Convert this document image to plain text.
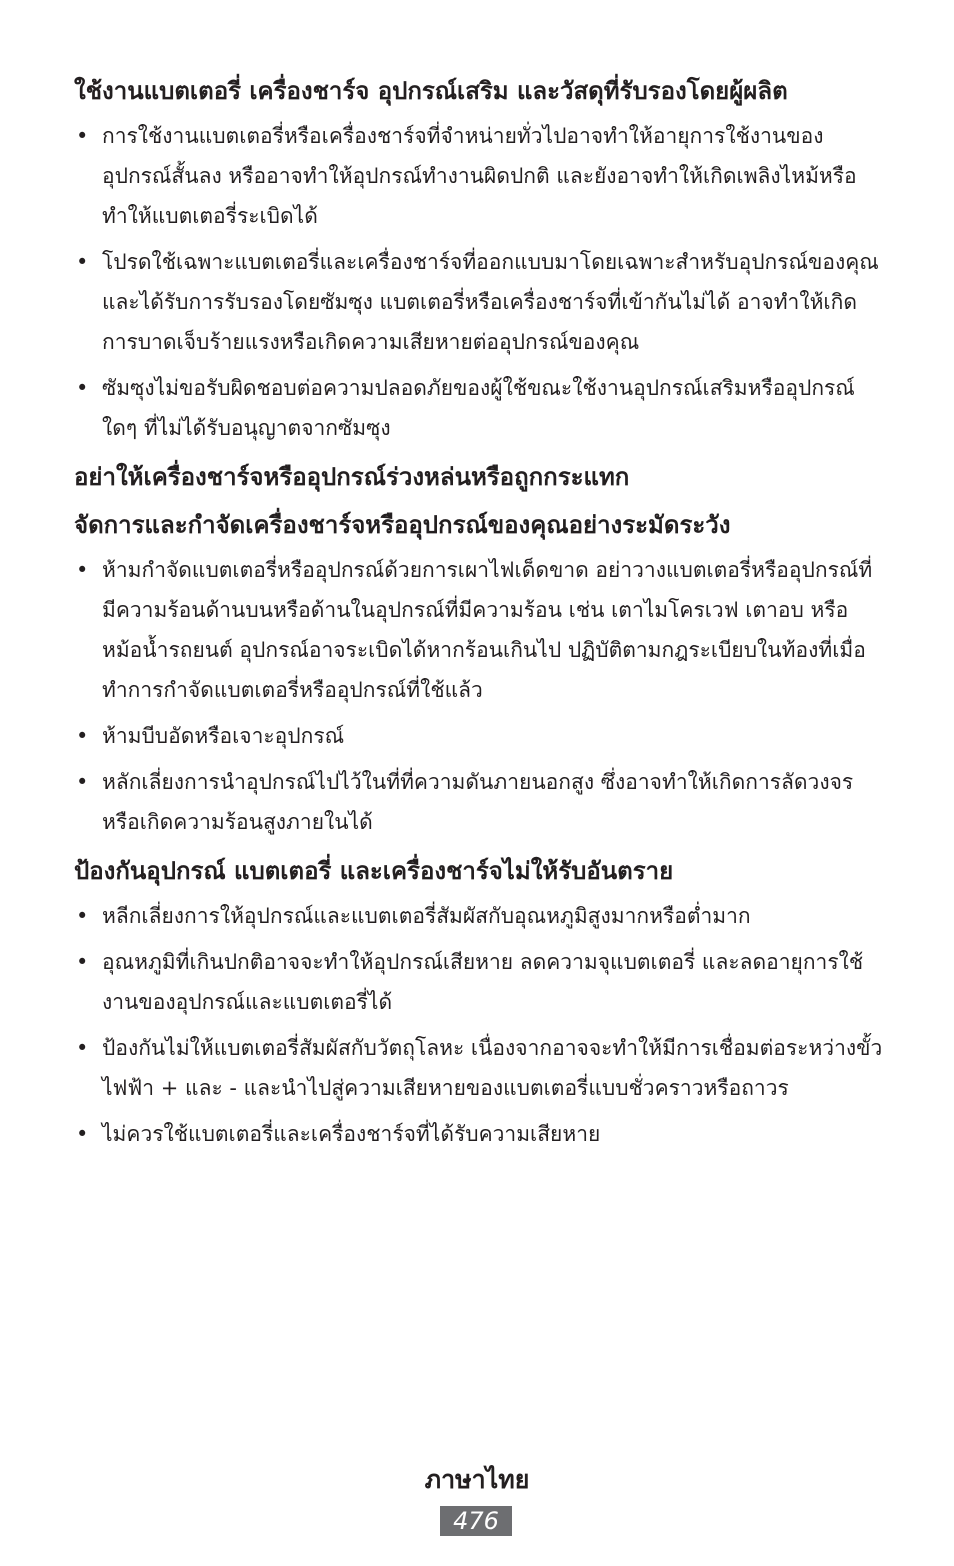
ใช้งานแบตเตอรี่ เครื่องชาร์จ อุปกรณ์เสริม และวัสดุที่รับรองโดยผู้ผลิต
• การใช้งานแบตเตอรี่หรือเครื่องชาร์จที่จำหน่ายทั่วไปอาจทำให้อายุการใช้งานของอุปกรณ์สั้นลง หรืออาจทำให้อุปกรณ์ทำงานผิดปกติ และยังอาจทำให้เกิดเพลิงไหม้หรือทำให้แบตเตอรี่ระเบิดได้
• โปรดใช้เฉพาะแบตเตอรี่และเครื่องชาร์จที่ออกแบบมาโดยเฉพาะสำหรับอุปกรณ์ของคุณและได้รับการรับรองโดยซัมซุง แบตเตอรี่หรือเครื่องชาร์จที่เข้ากันไม่ได้ อาจทำให้เกิดการบาดเจ็บร้ายแรงหรือเกิดความเสียหายต่ออุปกรณ์ของคุณ
• ซัมซุงไม่ขอรับผิดชอบต่อความปลอดภัยของผู้ใช้ขณะใช้งานอุปกรณ์เสริมหรืออุปกรณ์ใดๆ ที่ไม่ได้รับอนุญาตจากซัมซุง
อย่าให้เครื่องชาร์จหรืออุปกรณ์ร่วงหล่นหรือถูกกระแทก
จัดการและกำจัดเครื่องชาร์จหรืออุปกรณ์ของคุณอย่างระมัดระวัง
• ห้ามกำจัดแบตเตอรี่หรืออุปกรณ์ด้วยการเผาไฟเด็ดขาด อย่าวางแบตเตอรี่หรืออุปกรณ์ที่มีความร้อนด้านบนหรือด้านในอุปกรณ์ที่มีความร้อน เช่น เตาไมโครเวฟ เตาอบ หรือหม้อน้ำรถยนต์ อุปกรณ์อาจระเบิดได้หากร้อนเกินไป ปฏิบัติตามกฎระเบียบในท้องที่เมื่อทำการกำจัดแบตเตอรี่หรืออุปกรณ์ที่ใช้แล้ว
• ห้ามบีบอัดหรือเจาะอุปกรณ์
• หลักเลี่ยงการนำอุปกรณ์ไปไว้ในที่ที่ความดันภายนอกสูง ซึ่งอาจทำให้เกิดการลัดวงจรหรือเกิดความร้อนสูงภายในได้
ป้องกันอุปกรณ์ แบตเตอรี่ และเครื่องชาร์จไม่ให้รับอันตราย
• หลีกเลี่ยงการให้อุปกรณ์และแบตเตอรี่สัมผัสกับอุณหภูมิสูงมากหรือต่ำมาก
• อุณหภูมิที่เกินปกติอาจจะทำให้อุปกรณ์เสียหาย ลดความจุแบตเตอรี่ และลดอายุการใช้งานของอุปกรณ์และแบตเตอรี่ได้
• ป้องกันไม่ให้แบตเตอรี่สัมผัสกับวัตถุโลหะ เนื่องจากอาจจะทำให้มีการเชื่อมต่อระหว่างขั้วไฟฟ้า + และ - และนำไปสู่ความเสียหายของแบตเตอรี่แบบชั่วคราวหรือถาวร
• ไม่ควรใช้แบตเตอรี่และเครื่องชาร์จที่ได้รับความเสียหาย
ภาษาไทย
476
